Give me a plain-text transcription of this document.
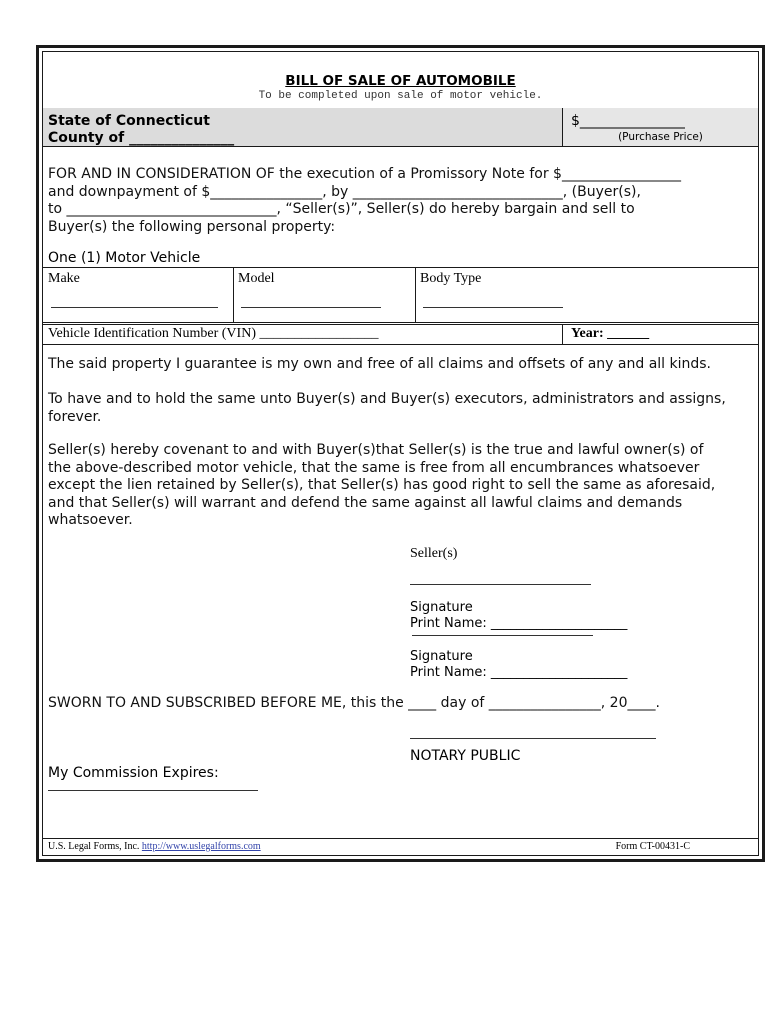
BILL OF SALE OF AUTOMOBILE
To be completed upon sale of motor vehicle.
State of Connecticut
County of _______________
$_______________
(Purchase Price)

FOR AND IN CONSIDERATION OF the execution of a Promissory Note for $_________________

and downpayment of $________________, by ______________________________, (Buyer(s),

to ______________________________, “Seller(s)”, Seller(s) do hereby bargain and sell to

Buyer(s) the following personal property:

One (1) Motor Vehicle
Make	Model	Body Type
Vehicle Identification Number (VIN) _________________	Year: ______

The said property I guarantee is my own and free of all claims and offsets of any and all kinds.

To have and to hold the same unto Buyer(s) and Buyer(s) executors, administrators and assigns,

forever.

Seller(s) hereby covenant to and with Buyer(s)that Seller(s) is the true and lawful owner(s) of

the above-described motor vehicle, that the same is free from all encumbrances whatsoever

except the lien retained by Seller(s), that Seller(s) has good right to sell the same as aforesaid,

and that Seller(s) will warrant and defend the same against all lawful claims and demands

whatsoever.

Seller(s)
Signature
Print Name: _____________________
Signature
Print Name: _____________________

SWORN TO AND SUBSCRIBED BEFORE ME, this the ____ day of ________________, 20____.

NOTARY PUBLIC
My Commission Expires:
U.S. Legal Forms, Inc. http://www.uslegalforms.com	Form CT-00431-C
